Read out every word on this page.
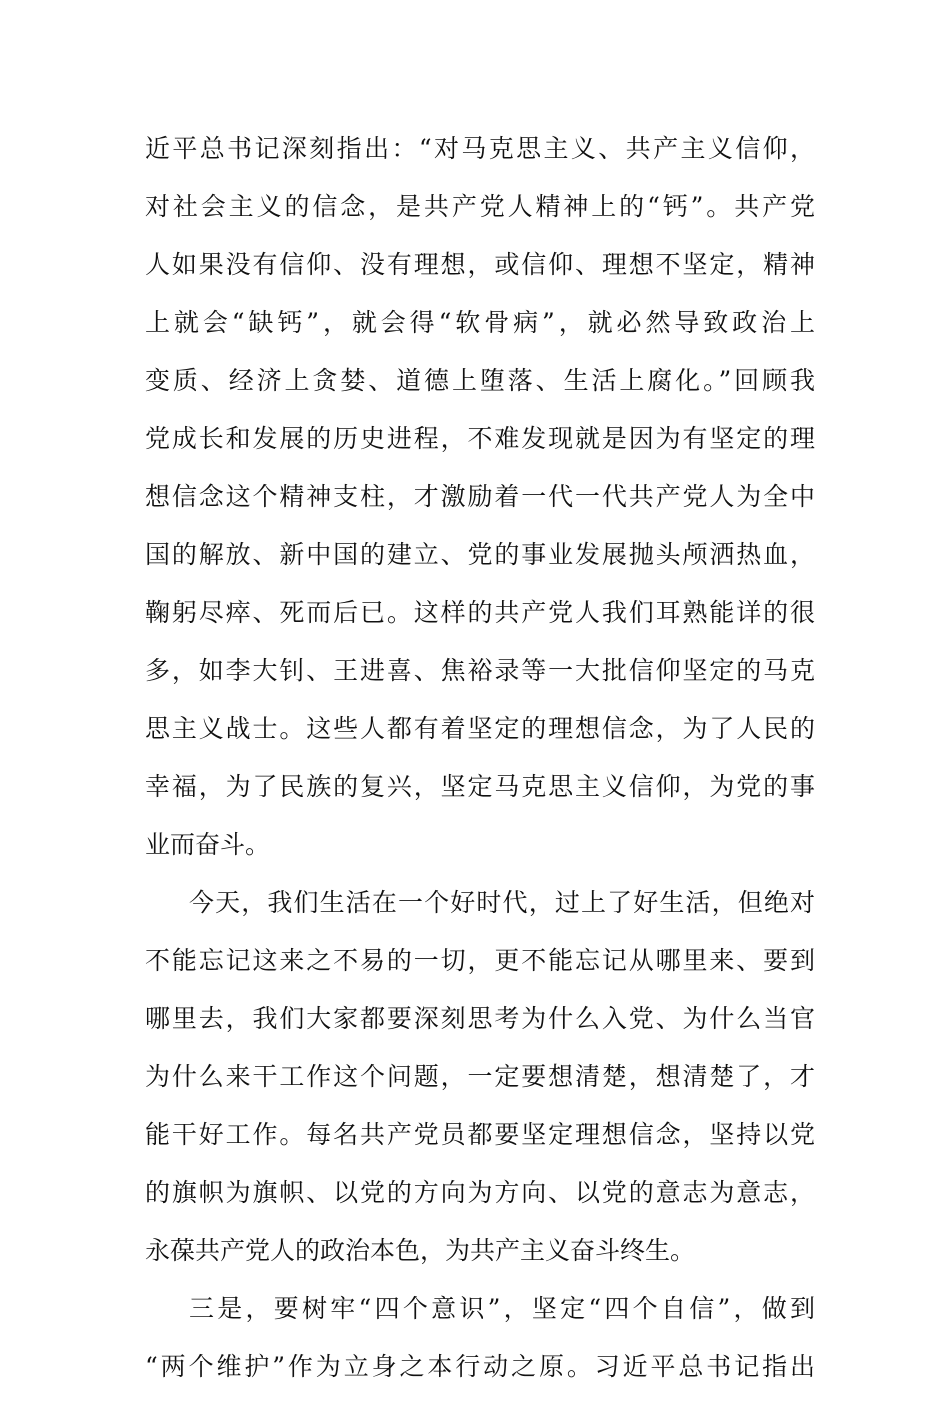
近平总书记深刻指出：“对马克思主义、共产主义信仰，
对社会主义的信念，是共产党人精神上的“钙”。共产党
人如果没有信仰、没有理想，或信仰、理想不坚定，精神
上就会“缺钙”，就会得“软骨病”，就必然导致政治上
变质、经济上贪婪、道德上堕落、生活上腐化。”回顾我
党成长和发展的历史进程，不难发现就是因为有坚定的理
想信念这个精神支柱，才激励着一代一代共产党人为全中
国的解放、新中国的建立、党的事业发展抛头颅洒热血，
鞠躬尽瘁、死而后已。这样的共产党人我们耳熟能详的很
多，如李大钊、王进喜、焦裕录等一大批信仰坚定的马克
思主义战士。这些人都有着坚定的理想信念，为了人民的
幸福，为了民族的复兴，坚定马克思主义信仰，为党的事
业而奋斗。
今天，我们生活在一个好时代，过上了好生活，但绝对
不能忘记这来之不易的一切，更不能忘记从哪里来、要到
哪里去，我们大家都要深刻思考为什么入党、为什么当官
为什么来干工作这个问题，一定要想清楚，想清楚了，才
能干好工作。每名共产党员都要坚定理想信念，坚持以党
的旗帜为旗帜、以党的方向为方向、以党的意志为意志，
永葆共产党人的政治本色，为共产主义奋斗终生。
三是，要树牢“四个意识”，坚定“四个自信”，做到
“两个维护”作为立身之本行动之原。习近平总书记指出
